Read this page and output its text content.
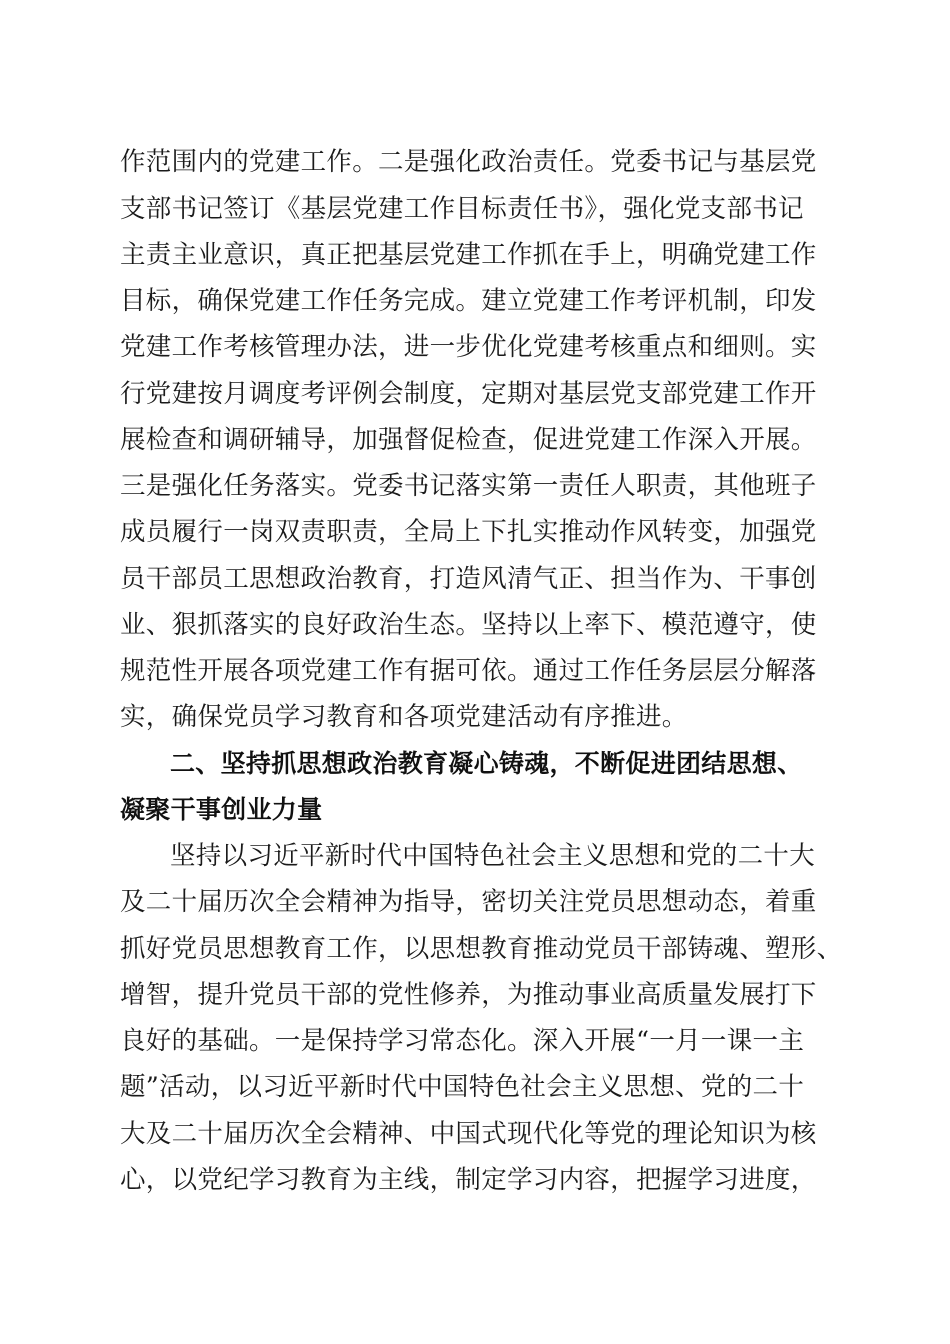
作范围内的党建工作。二是强化政治责任。党委书记与基层党
支部书记签订《基层党建工作目标责任书》，强化党支部书记
主责主业意识，真正把基层党建工作抓在手上，明确党建工作
目标，确保党建工作任务完成。建立党建工作考评机制，印发
党建工作考核管理办法，进一步优化党建考核重点和细则。实
行党建按月调度考评例会制度，定期对基层党支部党建工作开
展检查和调研辅导，加强督促检查，促进党建工作深入开展。
三是强化任务落实。党委书记落实第一责任人职责，其他班子
成员履行一岗双责职责，全局上下扎实推动作风转变，加强党
员干部员工思想政治教育，打造风清气正、担当作为、干事创
业、狠抓落实的良好政治生态。坚持以上率下、模范遵守，使
规范性开展各项党建工作有据可依。通过工作任务层层分解落
实，确保党员学习教育和各项党建活动有序推进。
二、坚持抓思想政治教育凝心铸魂，不断促进团结思想、
凝聚干事创业力量
坚持以习近平新时代中国特色社会主义思想和党的二十大
及二十届历次全会精神为指导，密切关注党员思想动态，着重
抓好党员思想教育工作，以思想教育推动党员干部铸魂、塑形、
增智，提升党员干部的党性修养，为推动事业高质量发展打下
良好的基础。一是保持学习常态化。深入开展“一月一课一主
题”活动，以习近平新时代中国特色社会主义思想、党的二十
大及二十届历次全会精神、中国式现代化等党的理论知识为核
心，以党纪学习教育为主线，制定学习内容，把握学习进度，
